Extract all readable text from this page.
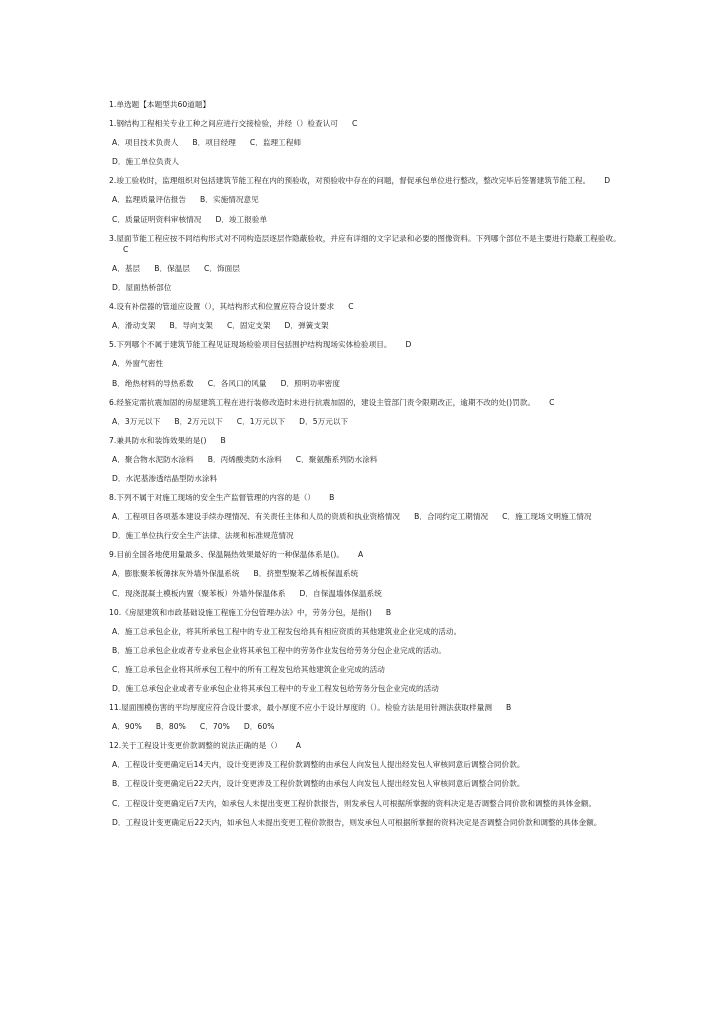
1.单选题【本题型共60道题】
1.钢结构工程相关专业工种之间应进行交接检验，并经（）检查认可 C
A．项目技术负责人 B．项目经理 C．监理工程师
D．施工单位负责人
2.竣工验收时，监理组织对包括建筑节能工程在内的预验收，对预验收中存在的问题，督促承包单位进行整改，整改完毕后签署建筑节能工程。 D
A．监理质量评估报告 B．实施情况意见
C．质量证明资料审核情况 D．竣工报验单
3.屋面节能工程应按不同结构形式对不同构造层逐层作隐蔽验收，并应有详细的文字记录和必要的图像资料。下列哪个部位不是主要进行隐蔽工程验收。C
A．基层 B．保温层 C．饰面层
D．屋面热桥部位
4.设有补偿器的管道应设置（），其结构形式和位置应符合设计要求 C
A．滑动支架 B．导向支架 C．固定支架 D．弹簧支架
5.下列哪个不属于建筑节能工程见证现场检验项目包括围护结构现场实体检验项目。 D
A．外窗气密性
B．绝热材料的导热系数 C．各风口的风量 D．照明功率密度
6.经鉴定需抗震加固的房屋建筑工程在进行装修改造时未进行抗震加固的，建设主管部门责令限期改正，逾期不改的处()罚款。 C
A．3万元以下 B．2万元以下 C．1万元以下 D．5万元以下
7.兼具防水和装饰效果的是() B
A．聚合物水泥防水涂料 B．丙烯酸类防水涂料 C．聚氨酯系列防水涂料
D．水泥基渗透结晶型防水涂料
8.下列不属于对施工现场的安全生产监督管理的内容的是（） B
A．工程项目各项基本建设手续办理情况、有关责任主体和人员的资质和执业资格情况 B．合同约定工期情况 C．施工现场文明施工情况
D．施工单位执行安全生产法律、法规和标准规范情况
9.目前全国各地使用量最多、保温隔热效果最好的一种保温体系是()。 A
A．膨胀聚苯板薄抹灰外墙外保温系统 B．挤塑型聚苯乙烯板保温系统
C．现浇混凝土模板内置（聚苯板）外墙外保温体系 D．自保温墙体保温系统
10.《房屋建筑和市政基础设施工程施工分包管理办法》中，劳务分包，是指() B
A．施工总承包企业，将其所承包工程中的专业工程发包给具有相应资质的其他建筑业企业完成的活动。
B．施工总承包企业或者专业承包企业将其承包工程中的劳务作业发包给劳务分包企业完成的活动。
C．施工总承包企业将其所承包工程中的所有工程发包给其他建筑企业完成的活动
D．施工总承包企业或者专业承包企业将其承包工程中的专业工程发包给劳务分包企业完成的活动
11.屋面围模伤害的平均厚度应符合设计要求，最小厚度不应小于设计厚度的（）。检验方法是用针测法获取样量测 B
A．90% B．80% C．70% D．60%
12.关于工程设计变更价款调整的说法正确的是（） A
A．工程设计变更确定后14天内，设计变更涉及工程价款调整的由承包人向发包人提出经发包人审核同意后调整合同价款。
B．工程设计变更确定后22天内，设计变更涉及工程价款调整的由承包人向发包人提出经发包人审核同意后调整合同价款。
C．工程设计变更确定后7天内，如承包人未提出变更工程价款报告，则发承包人可根据所掌握的资料决定是否调整合同价款和调整的具体金额。
D．工程设计变更确定后22天内，如承包人未提出变更工程价款报告，则发承包人可根据所掌握的资料决定是否调整合同价款和调整的具体金额。
